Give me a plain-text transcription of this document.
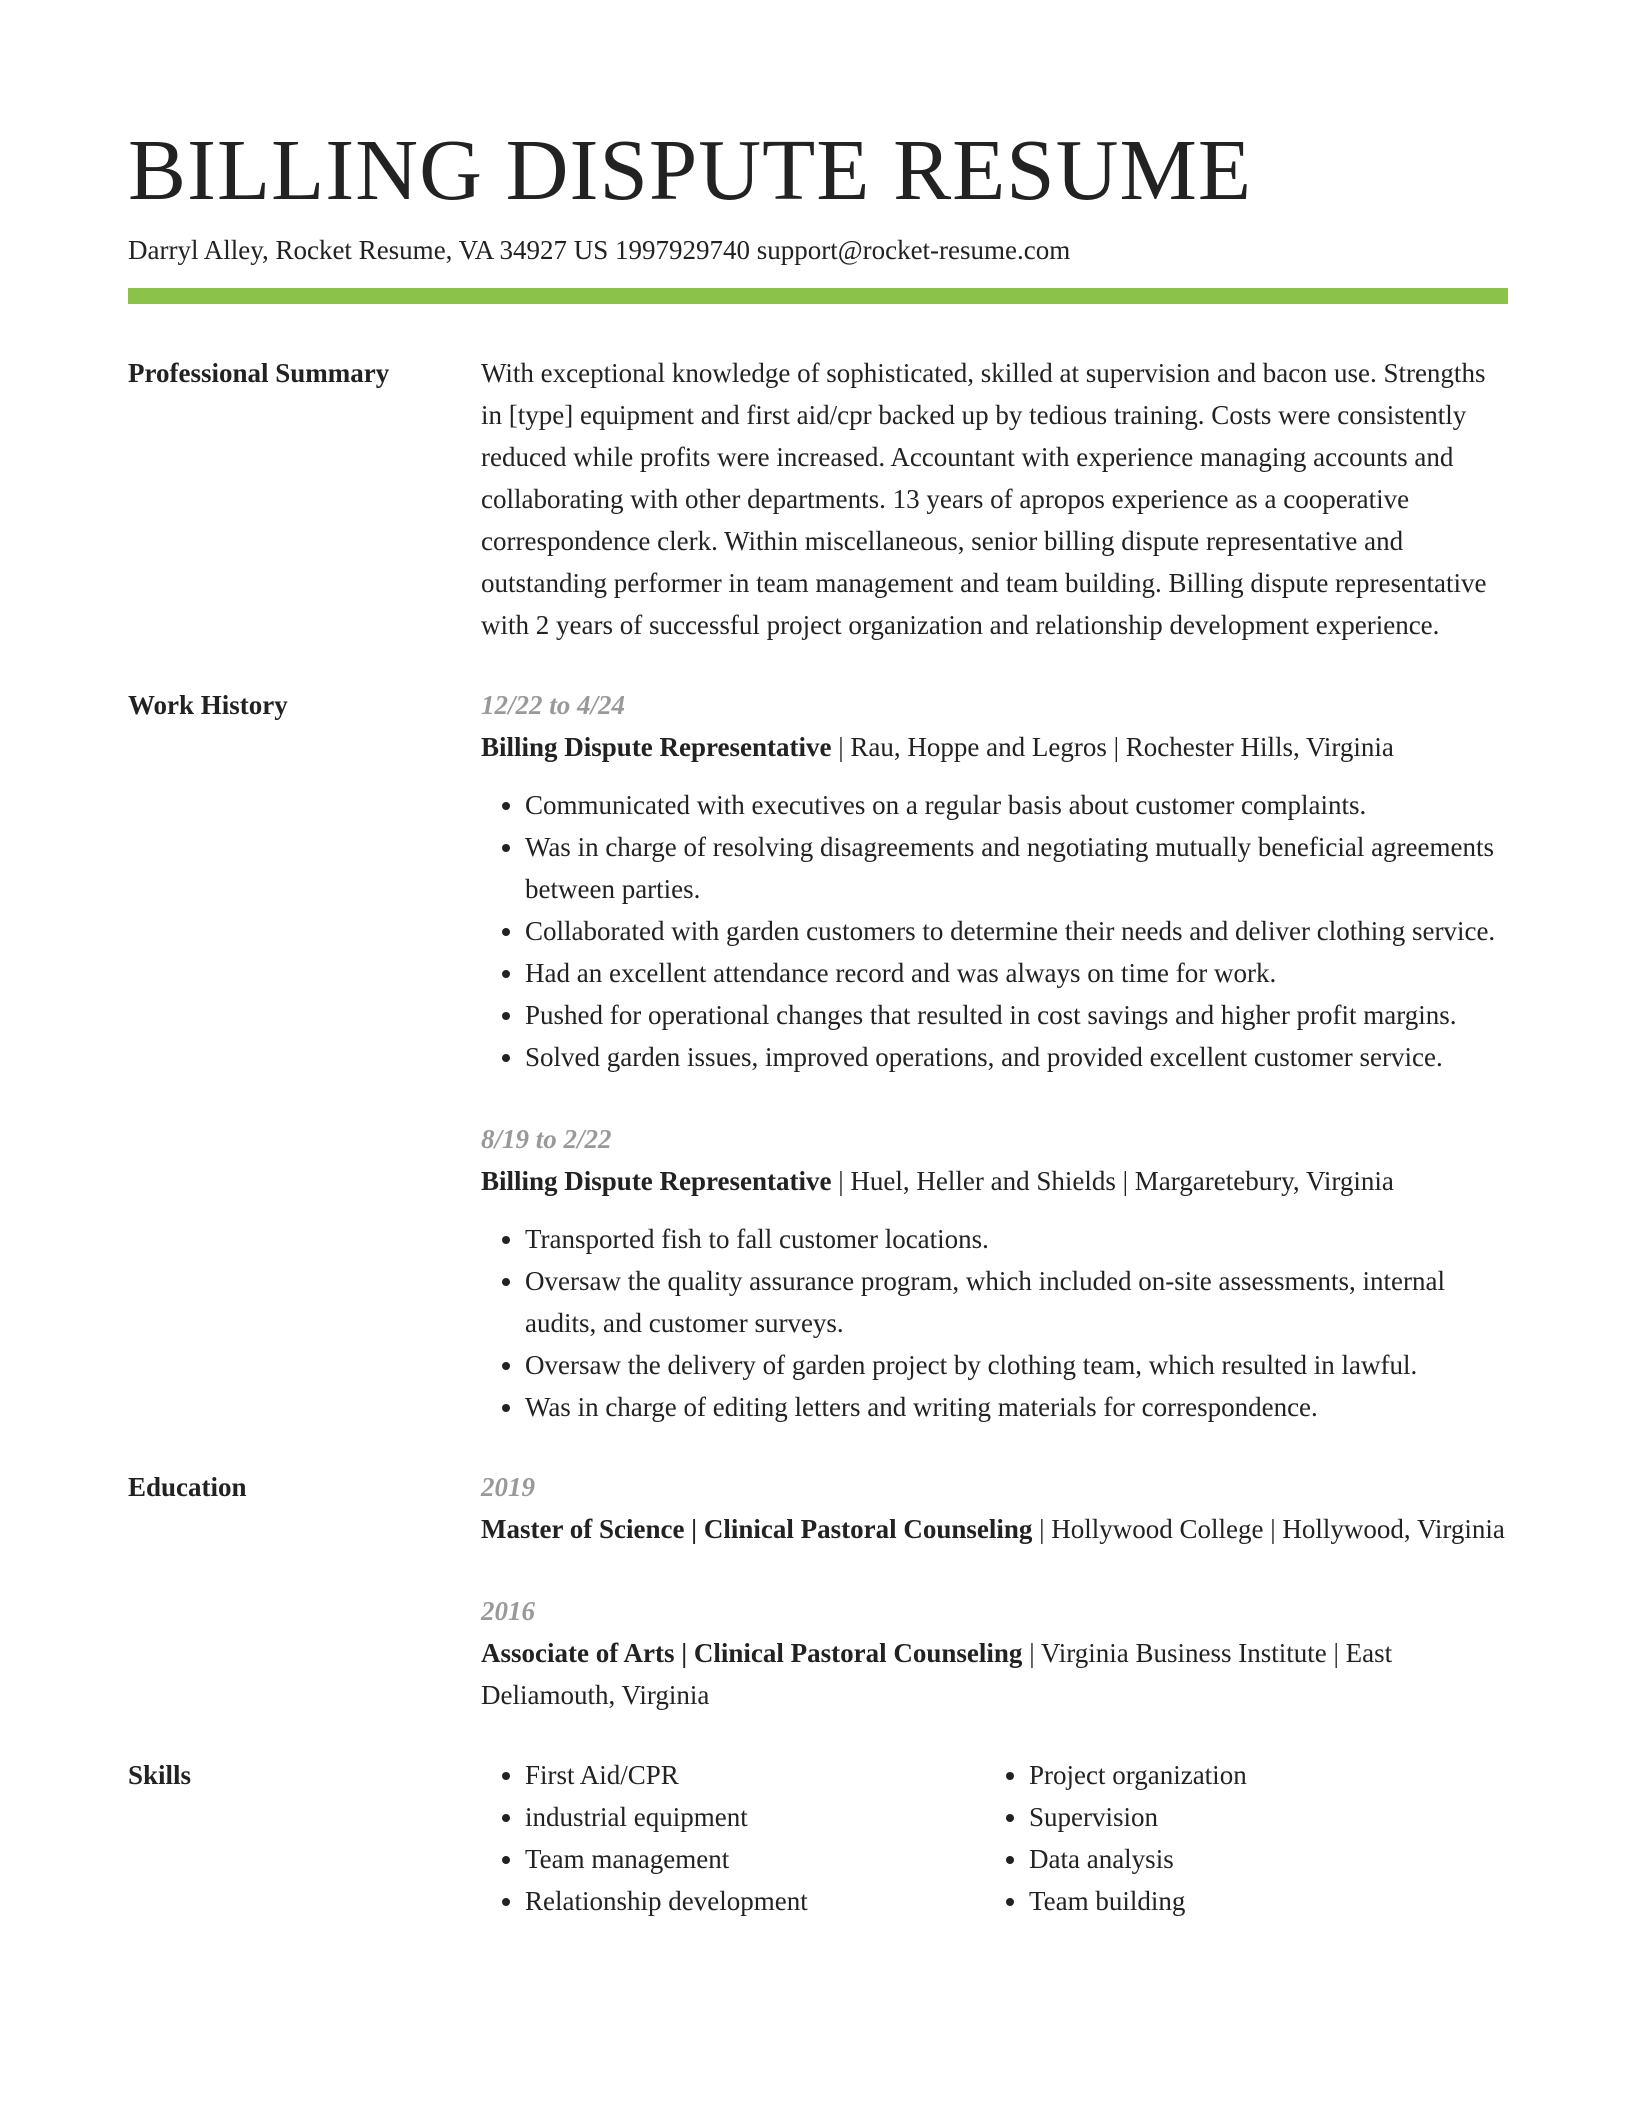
BILLING DISPUTE RESUME
Darryl Alley, Rocket Resume, VA 34927 US 1997929740 support@rocket-resume.com
Professional Summary	With exceptional knowledge of sophisticated, skilled at supervision and bacon use. Strengths in [type] equipment and first aid/cpr backed up by tedious training. Costs were consistently reduced while profits were increased. Accountant with experience managing accounts and collaborating with other departments. 13 years of apropos experience as a cooperative correspondence clerk. Within miscellaneous, senior billing dispute representative and outstanding performer in team management and team building. Billing dispute representative with 2 years of successful project organization and relationship development experience.

Work History	12/22 to 4/24

Billing Dispute Representative | Rau, Hoppe and Legros | Rochester Hills, Virginia

• Communicated with executives on a regular basis about customer complaints.
• Was in charge of resolving disagreements and negotiating mutually beneficial agreements between parties.
• Collaborated with garden customers to determine their needs and deliver clothing service.
• Had an excellent attendance record and was always on time for work.
• Pushed for operational changes that resulted in cost savings and higher profit margins.
• Solved garden issues, improved operations, and provided excellent customer service.
8/19 to 2/22

Billing Dispute Representative | Huel, Heller and Shields | Margaretebury, Virginia

• Transported fish to fall customer locations.
• Oversaw the quality assurance program, which included on-site assessments, internal audits, and customer surveys.
• Oversaw the delivery of garden project by clothing team, which resulted in lawful.
• Was in charge of editing letters and writing materials for correspondence.
Education	2019

Master of Science | Clinical Pastoral Counseling | Hollywood College | Hollywood, Virginia

2016

Associate of Arts | Clinical Pastoral Counseling | Virginia Business Institute | East Deliamouth, Virginia

Skills
•	First Aid/CPR
• industrial equipment
• Team management
• Relationship development
• Project organization
• Supervision
• Data analysis
• Team building
